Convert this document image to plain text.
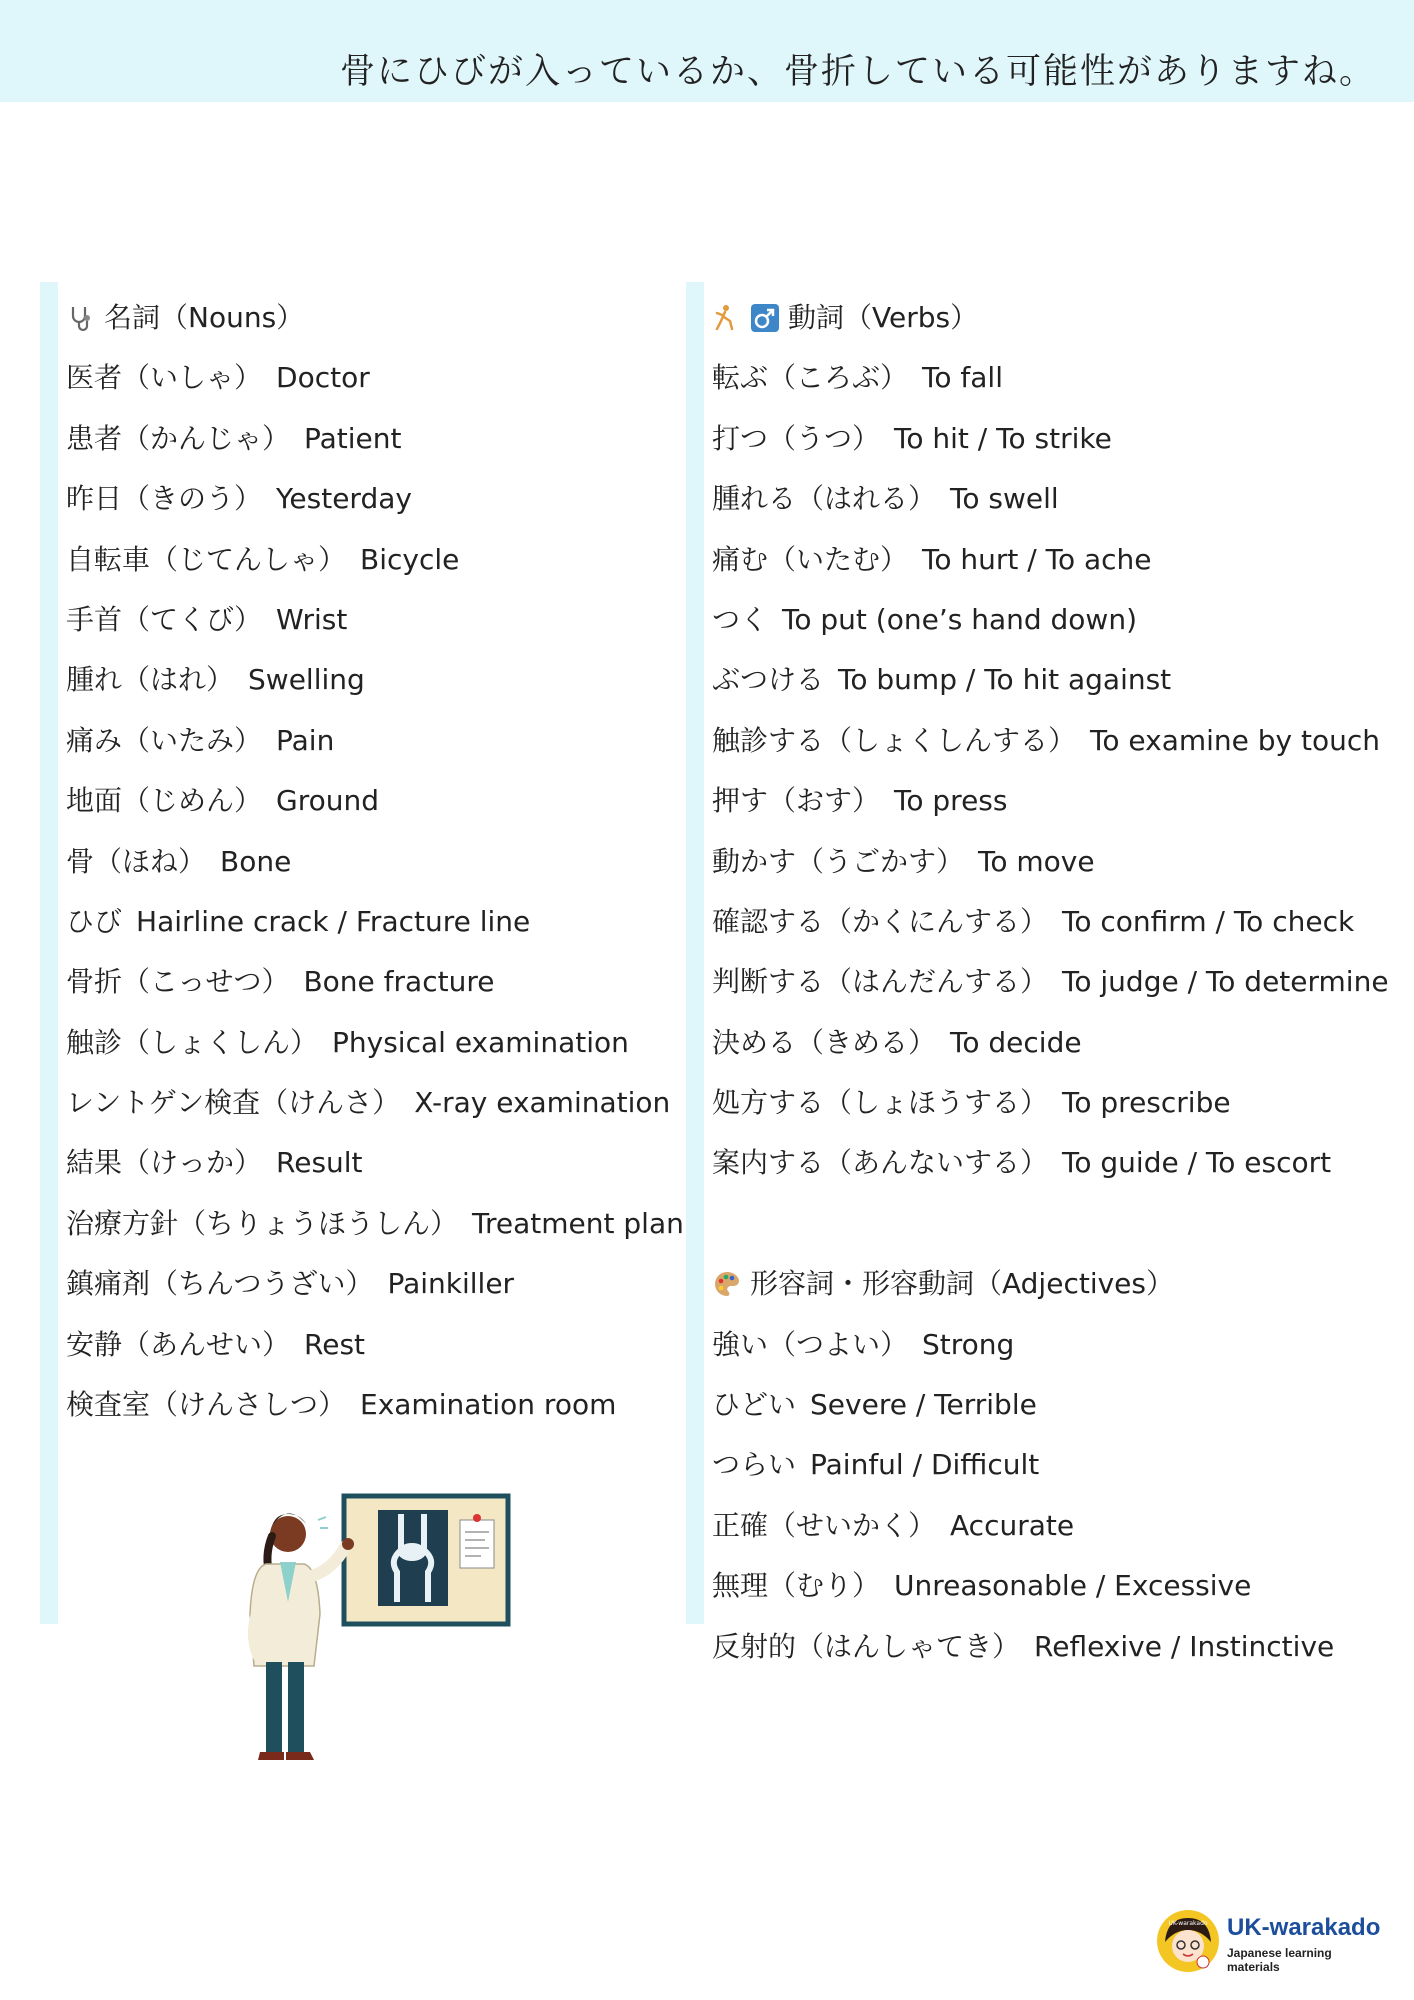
骨にひびが入っているか、骨折している可能性がありますね。
名詞（Nouns）
医者（いしゃ） Doctor
患者（かんじゃ） Patient
昨日（きのう） Yesterday
自転車（じてんしゃ） Bicycle
手首（てくび） Wrist
腫れ（はれ） Swelling
痛み（いたみ） Pain
地面（じめん） Ground
骨（ほね） Bone
ひび Hairline crack / Fracture line
骨折（こっせつ） Bone fracture
触診（しょくしん） Physical examination
レントゲン検査（けんさ） X-ray examination
結果（けっか） Result
治療方針（ちりょうほうしん） Treatment plan
鎮痛剤（ちんつうざい） Painkiller
安静（あんせい） Rest
検査室（けんさしつ） Examination room
動詞（Verbs）
転ぶ（ころぶ） To fall
打つ（うつ） To hit / To strike
腫れる（はれる） To swell
痛む（いたむ） To hurt / To ache
つく To put (one’s hand down)
ぶつける To bump / To hit against
触診する（しょくしんする） To examine by touch
押す（おす） To press
動かす（うごかす） To move
確認する（かくにんする） To confirm / To check
判断する（はんだんする） To judge / To determine
決める（きめる） To decide
処方する（しょほうする） To prescribe
案内する（あんないする） To guide / To escort
形容詞・形容動詞（Adjectives）
強い（つよい） Strong
ひどい Severe / Terrible
つらい Painful / Difficult
正確（せいかく） Accurate
無理（むり） Unreasonable / Excessive
反射的（はんしゃてき） Reflexive / Instinctive
UK-warakado UK-warakado
Japanese learning materials
